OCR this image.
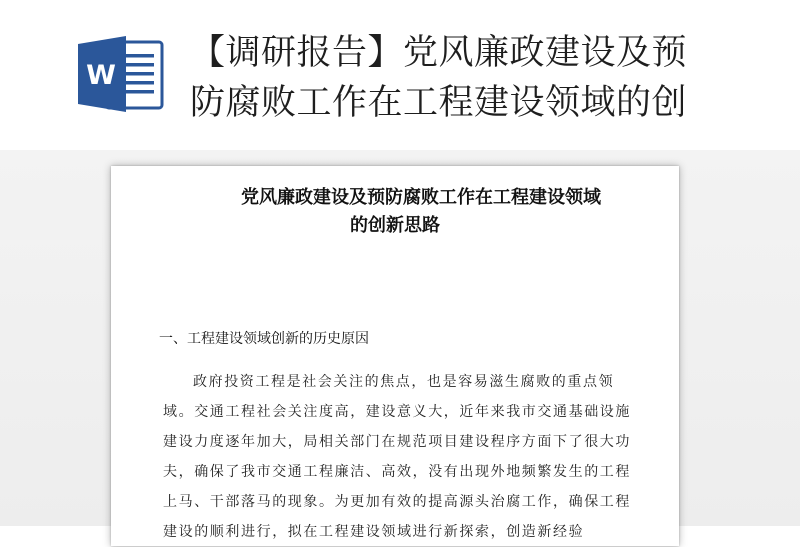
W
【调研报告】党风廉政建设及预
防腐败工作在工程建设领域的创
党风廉政建设及预防腐败工作在工程建设领域
的创新思路
一、工程建设领域创新的历史原因
政府投资工程是社会关注的焦点，也是容易滋生腐败的重点领
域。交通工程社会关注度高，建设意义大，近年来我市交通基础设施
建设力度逐年加大，局相关部门在规范项目建设程序方面下了很大功
夫，确保了我市交通工程廉洁、高效，没有出现外地频繁发生的工程
上马、干部落马的现象。为更加有效的提高源头治腐工作，确保工程
建设的顺利进行，拟在工程建设领域进行新探索，创造新经验
